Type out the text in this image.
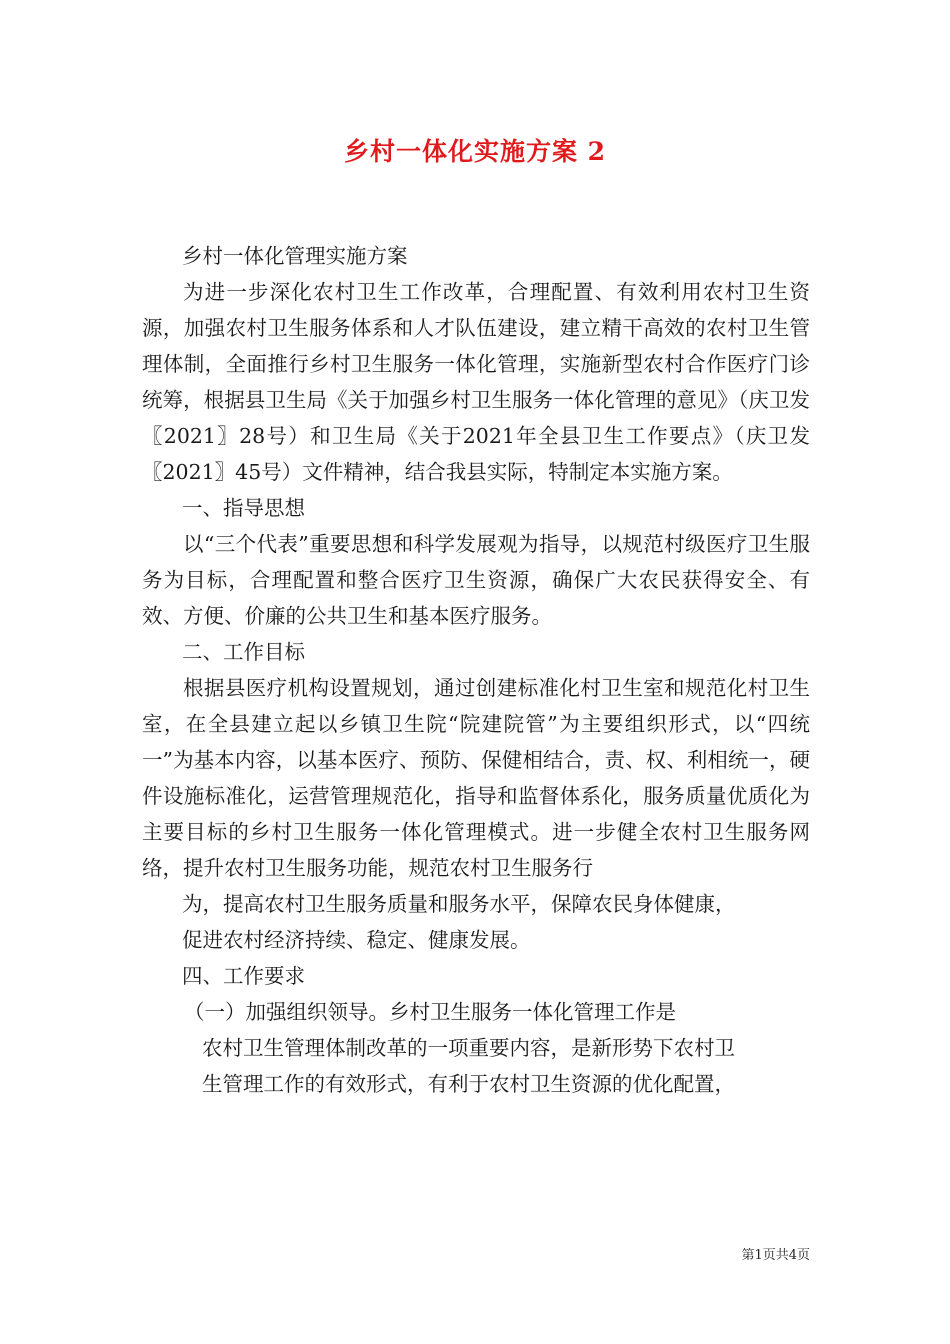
乡村一体化实施方案 2
乡村一体化管理实施方案

为进一步深化农村卫生工作改革，合理配置、有效利用农村卫生资源，加强农村卫生服务体系和人才队伍建设，建立精干高效的农村卫生管理体制，全面推行乡村卫生服务一体化管理，实施新型农村合作医疗门诊统筹，根据县卫生局《关于加强乡村卫生服务一体化管理的意见》（庆卫发〖2021〗28号）和卫生局《关于2021年全县卫生工作要点》（庆卫发〖2021〗45号）文件精神，结合我县实际，特制定本实施方案。

一、指导思想

以“三个代表”重要思想和科学发展观为指导，以规范村级医疗卫生服务为目标，合理配置和整合医疗卫生资源，确保广大农民获得安全、有效、方便、价廉的公共卫生和基本医疗服务。

二、工作目标

根据县医疗机构设置规划，通过创建标准化村卫生室和规范化村卫生室，在全县建立起以乡镇卫生院“院建院管”为主要组织形式，以“四统一”为基本内容，以基本医疗、预防、保健相结合，责、权、利相统一，硬件设施标准化，运营管理规范化，指导和监督体系化，服务质量优质化为主要目标的乡村卫生服务一体化管理模式。进一步健全农村卫生服务网络，提升农村卫生服务功能，规范农村卫生服务行

为，提高农村卫生服务质量和服务水平，保障农民身体健康，
促进农村经济持续、稳定、健康发展。
四、工作要求
（一）加强组织领导。乡村卫生服务一体化管理工作是
农村卫生管理体制改革的一项重要内容，是新形势下农村卫
生管理工作的有效形式，有利于农村卫生资源的优化配置，
第1页共4页
